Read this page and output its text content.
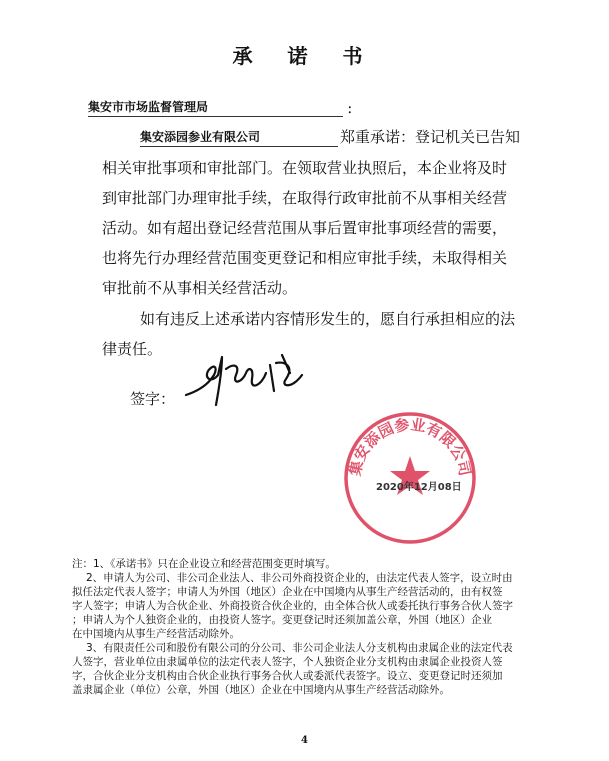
承 诺 书
集安市市场监督管理局	：
集安添园参业有限公司	郑重承诺：登记机关已告知
相关审批事项和审批部门。在领取营业执照后，本企业将及时
到审批部门办理审批手续，在取得行政审批前不从事相关经营
活动。如有超出登记经营范围从事后置审批事项经营的需要，
也将先行办理经营范围变更登记和相应审批手续，未取得相关
审批前不从事相关经营活动。
如有违反上述承诺内容情形发生的，愿自行承担相应的法
律责任。
签字：
集安添园参业有限公司
2020年12月08日
注：1、《承诺书》只在企业设立和经营范围变更时填写。
2、申请人为公司、非公司企业法人、非公司外商投资企业的，由法定代表人签字，设立时由
拟任法定代表人签字；申请人为外国（地区）企业在中国境内从事生产经营活动的，由有权签
字人签字；申请人为合伙企业、外商投资合伙企业的，由全体合伙人或委托执行事务合伙人签字
；申请人为个人独资企业的，由投资人签字。变更登记时还须加盖公章，外国（地区）企业
在中国境内从事生产经营活动除外。
3、有限责任公司和股份有限公司的分公司、非公司企业法人分支机构由隶属企业的法定代表
人签字，营业单位由隶属单位的法定代表人签字，个人独资企业分支机构由隶属企业投资人签
字，合伙企业分支机构由合伙企业执行事务合伙人或委派代表签字。设立、变更登记时还须加
盖隶属企业（单位）公章，外国（地区）企业在中国境内从事生产经营活动除外。
4
